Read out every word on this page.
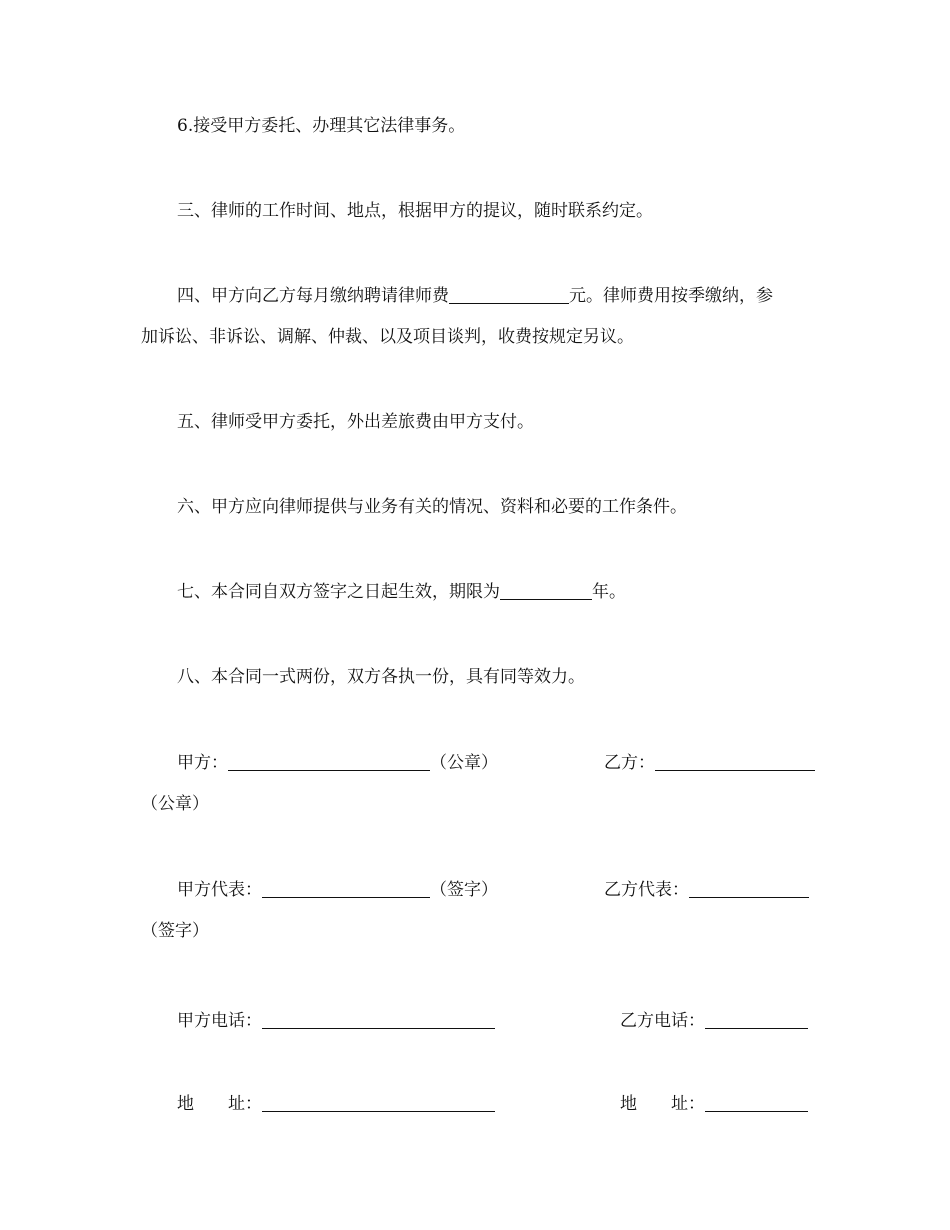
6.接受甲方委托、办理其它法律事务。
三、律师的工作时间、地点，根据甲方的提议，随时联系约定。
四、甲方向乙方每月缴纳聘请律师费	元。律师费用按季缴纳，参
加诉讼、非诉讼、调解、仲裁、以及项目谈判，收费按规定另议。
五、律师受甲方委托，外出差旅费由甲方支付。
六、甲方应向律师提供与业务有关的情况、资料和必要的工作条件。
七、本合同自双方签字之日起生效，期限为	年。
八、本合同一式两份，双方各执一份，具有同等效力。
甲方：	（公章）	乙方：
（公章）
甲方代表：	（签字）	乙方代表：
（签字）
甲方电话：	乙方电话：
地　　址：	地　　址：
